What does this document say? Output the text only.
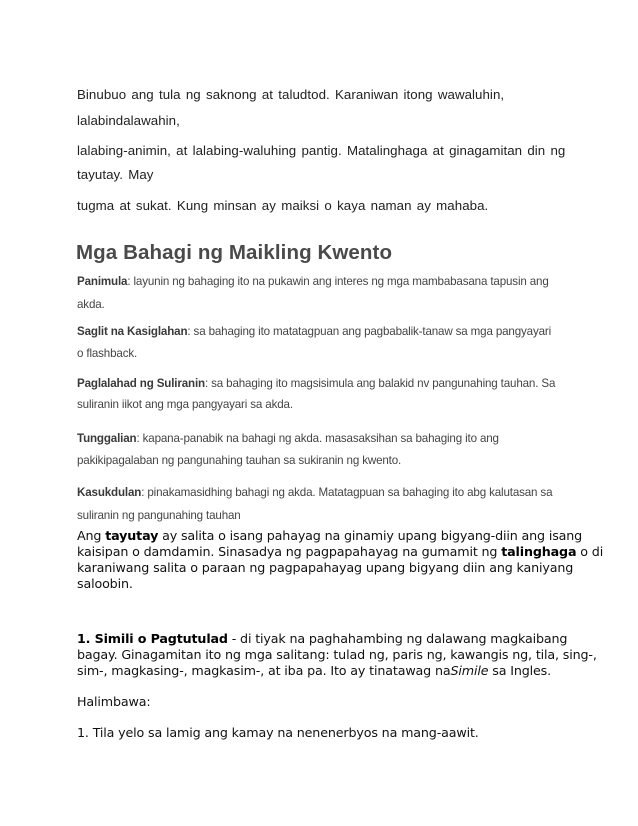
Binubuo ang tula ng saknong at taludtod. Karaniwan itong wawaluhin,

lalabindalawahin,

lalabing-animin, at lalabing-waluhing pantig. Matalinghaga at ginagamitan din ng

tayutay. May

tugma at sukat. Kung minsan ay maiksi o kaya naman ay mahaba.

Mga Bahagi ng Maikling Kwento

Panimula: layunin ng bahaging ito na pukawin ang interes ng mga mambabasana tapusin ang

akda.

Saglit na Kasiglahan: sa bahaging ito matatagpuan ang pagbabalik-tanaw sa mga pangyayari

o flashback.

Paglalahad ng Suliranin: sa bahaging ito magsisimula ang balakid nv pangunahing tauhan. Sa

suliranin iikot ang mga pangyayari sa akda.

Tunggalian: kapana-panabik na bahagi ng akda. masasaksihan sa bahaging ito ang

pakikipagalaban ng pangunahing tauhan sa sukiranin ng kwento.

Kasukdulan: pinakamasidhing bahagi ng akda. Matatagpuan sa bahaging ito abg kalutasan sa

suliranin ng pangunahing tauhan

Ang tayutay ay salita o isang pahayag na ginamiy upang bigyang-diin ang isang

kaisipan o damdamin. Sinasadya ng pagpapahayag na gumamit ng talinghaga o di

karaniwang salita o paraan ng pagpapahayag upang bigyang diin ang kaniyang

saloobin.

1. Simili o Pagtutulad - di tiyak na paghahambing ng dalawang magkaibang

bagay. Ginagamitan ito ng mga salitang: tulad ng, paris ng, kawangis ng, tila, sing-,

sim-, magkasing-, magkasim-, at iba pa. Ito ay tinatawag naSimile sa Ingles.

Halimbawa:

1. Tila yelo sa lamig ang kamay na nenenerbyos na mang-aawit.
